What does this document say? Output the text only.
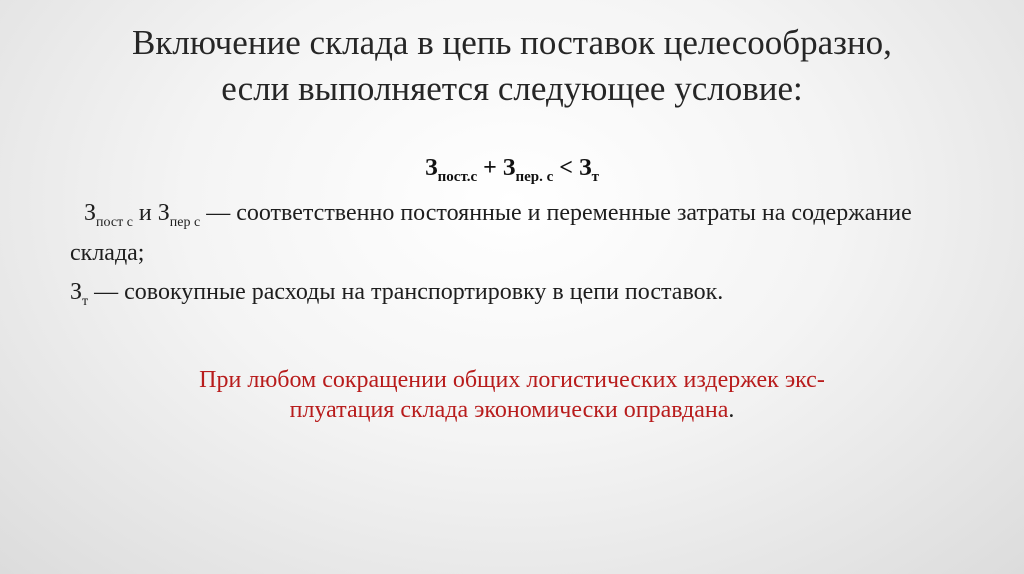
Включение склада в цепь поставок целесообразно,
если выполняется следующее условие:
$З_{пост.с} + З_{пер. с} < З_т$
$З_{пост с}$ и $З_{пер с}$ — соответственно постоянные и переменные затраты на содержание склада;
$З_т$ — совокупные расходы на транспортировку в цепи поставок.
При любом сокращении общих логистических издержек экс-
плуатация склада экономически оправдана.
